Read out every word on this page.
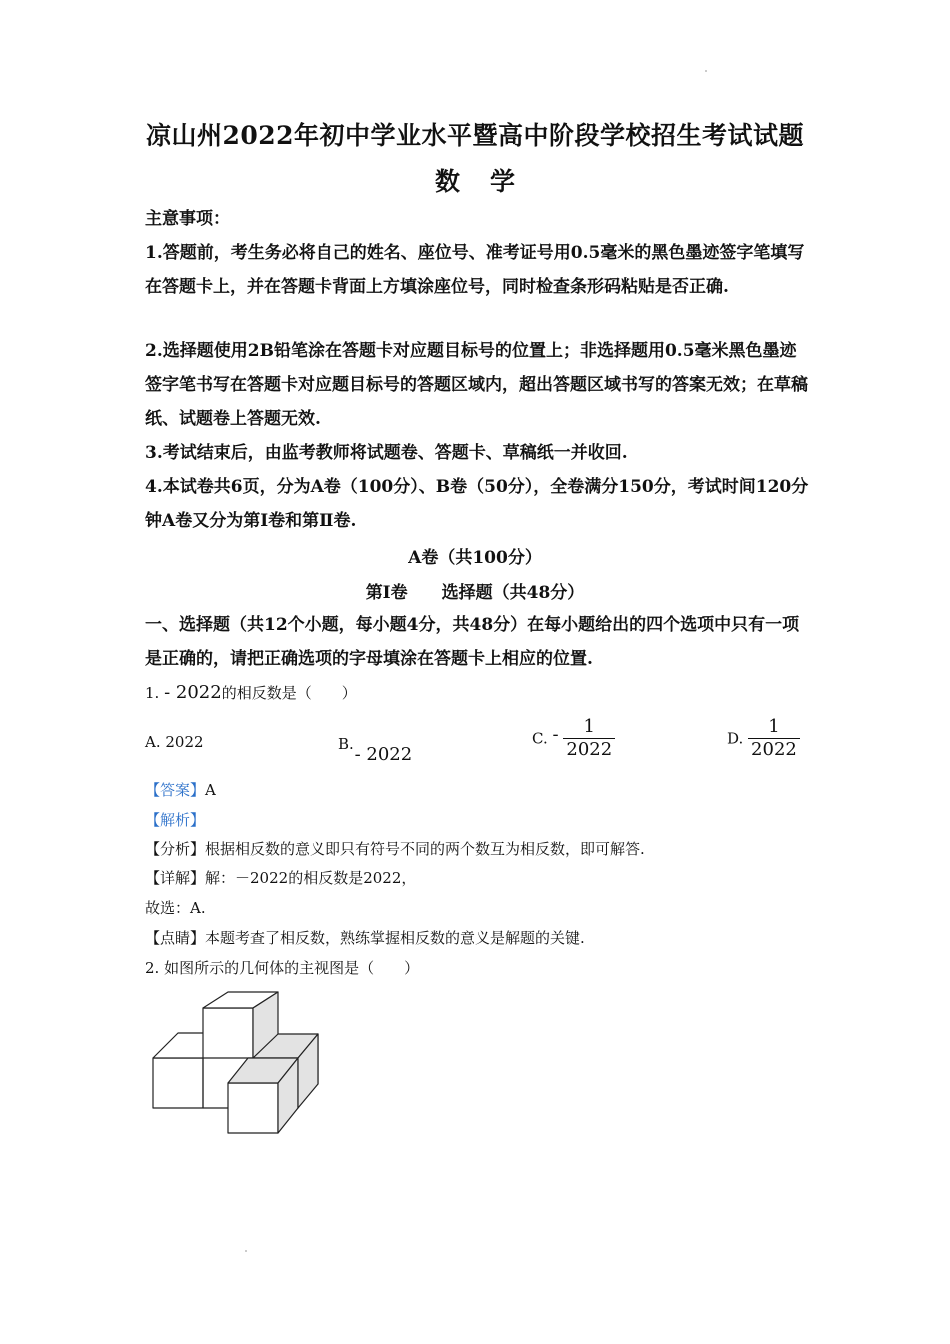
凉山州2022年初中学业水平暨高中阶段学校招生考试试题
数学
主意事项：
1.答题前，考生务必将自己的姓名、座位号、准考证号用0.5毫米的黑色墨迹签字笔填写在答题卡上，并在答题卡背面上方填涂座位号，同时检查条形码粘贴是否正确.
2.选择题使用2B铅笔涂在答题卡对应题目标号的位置上；非选择题用0.5毫米黑色墨迹签字笔书写在答题卡对应题目标号的答题区域内，超出答题区域书写的答案无效；在草稿纸、试题卷上答题无效.
3.考试结束后，由监考教师将试题卷、答题卡、草稿纸一并收回.
4.本试卷共6页，分为A卷（100分）、B卷（50分），全卷满分150分，考试时间120分钟A卷又分为第I卷和第Ⅱ卷.
A卷（共100分）
第I卷　　选择题（共48分）
一、选择题（共12个小题，每小题4分，共48分）在每小题给出的四个选项中只有一项是正确的，请把正确选项的字母填涂在答题卡上相应的位置.
1. - 2022的相反数是（　　）
A. 2022	B. - 2022
C. - $\frac{1}{2022}$	D. $\frac{1}{2022}$
【答案】A
【解析】
【分析】根据相反数的意义即只有符号不同的两个数互为相反数，即可解答.
【详解】解：－2022的相反数是2022，
故选：A.
【点睛】本题考查了相反数，熟练掌握相反数的意义是解题的关键.
2. 如图所示的几何体的主视图是（　　）
